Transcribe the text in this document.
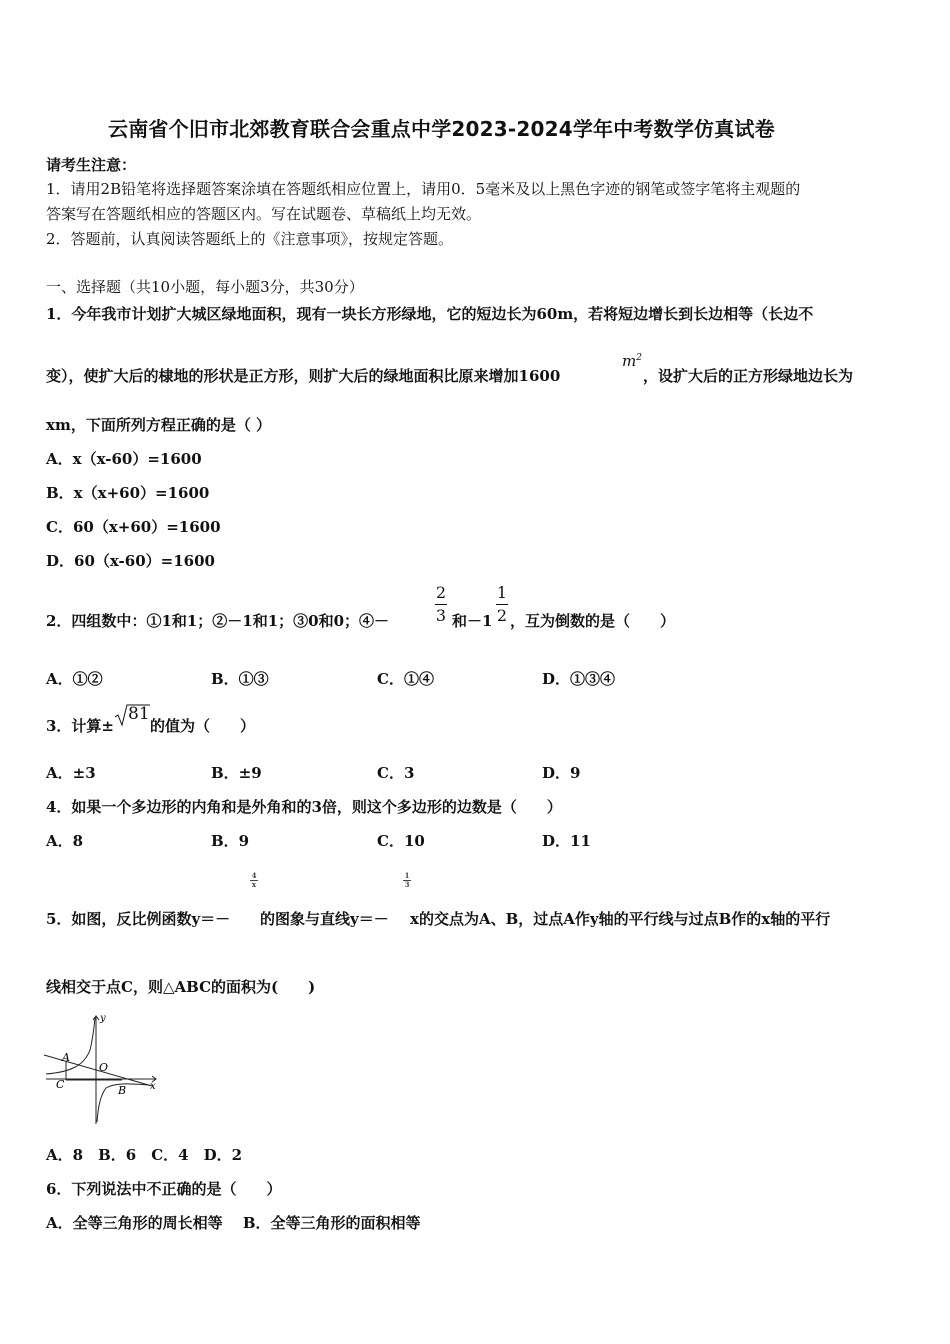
云南省个旧市北郊教育联合会重点中学2023-2024学年中考数学仿真试卷
请考生注意：
1．请用2B铅笔将选择题答案涂填在答题纸相应位置上，请用0．5毫米及以上黑色字迹的钢笔或签字笔将主观题的
答案写在答题纸相应的答题区内。写在试题卷、草稿纸上均无效。
2．答题前，认真阅读答题纸上的《注意事项》，按规定答题。
一、选择题（共10小题，每小题3分，共30分）
1．今年我市计划扩大城区绿地面积，现有一块长方形绿地，它的短边长为60m，若将短边增长到长边相等（长边不
变），使扩大后的棣地的形状是正方形，则扩大后的绿地面积比原来增加1600
$m^2$
，设扩大后的正方形绿地边长为
xm，下面所列方程正确的是（ ）
A．x（x-60）=1600
B．x（x+60）=1600
C．60（x+60）=1600
D．60（x-60）=1600
2．四组数中：①1和1；②－1和1；③0和0；④－
2
3 和－1
1
2 ，互为倒数的是（　　）
A．①②	B．①③	C．①④	D．①③④
3．计算±
81
的值为（　　）
A．±3	B．±9	C．3	D．9
4．如果一个多边形的内角和是外角和的3倍，则这个多边形的边数是（　　）
A．8	B．9	C．10	D．11
$\frac{4}{x}$	$\frac{1}{3}$
5．如图，反比例函数y＝－ 的图象与直线y＝－ x的交点为A、B，过点A作y轴的平行线与过点B作的x轴的平行
线相交于点C，则△ABC的面积为(　　)
y
x
A
O
C	B
A．8　B．6　C．4　D．2
6．下列说法中不正确的是（　　）
A．全等三角形的周长相等　 B．全等三角形的面积相等
